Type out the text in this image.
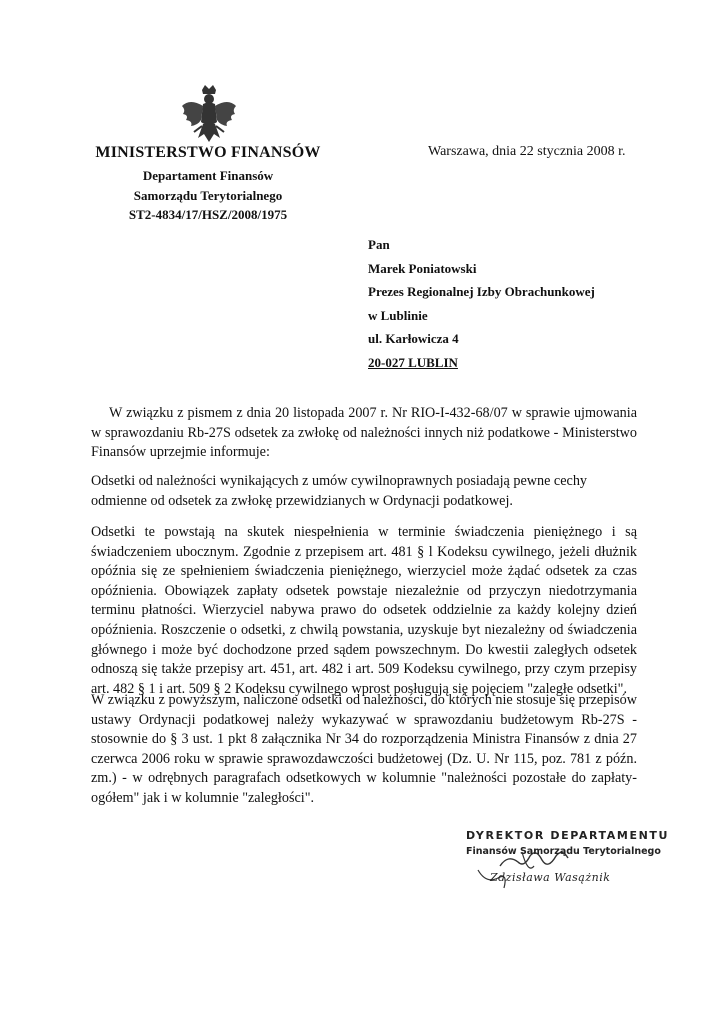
MINISTERSTWO FINANSÓW
Departament Finansów
Samorządu Terytorialnego
ST2-4834/17/HSZ/2008/1975
Warszawa, dnia 22 stycznia 2008 r.
Pan
Marek Poniatowski
Prezes Regionalnej Izby Obrachunkowej
w Lublinie
ul. Karłowicza 4
20-027 LUBLIN

W związku z pismem z dnia 20 listopada 2007 r. Nr RIO-I-432-68/07 w sprawie ujmowania w sprawozdaniu Rb-27S odsetek za zwłokę od należności innych niż podatkowe - Ministerstwo Finansów uprzejmie informuje:

Odsetki od należności wynikających z umów cywilnoprawnych posiadają pewne cechy odmienne od odsetek za zwłokę przewidzianych w Ordynacji podatkowej.

Odsetki te powstają na skutek niespełnienia w terminie świadczenia pieniężnego i są świadczeniem ubocznym. Zgodnie z przepisem art. 481 § l Kodeksu cywilnego, jeżeli dłużnik opóźnia się ze spełnieniem świadczenia pieniężnego, wierzyciel może żądać odsetek za czas opóźnienia. Obowiązek zapłaty odsetek powstaje niezależnie od przyczyn niedotrzymania terminu płatności. Wierzyciel nabywa prawo do odsetek oddzielnie za każdy kolejny dzień opóźnienia. Roszczenie o odsetki, z chwilą powstania, uzyskuje byt niezależny od świadczenia głównego i może być dochodzone przed sądem powszechnym. Do kwestii zaległych odsetek odnoszą się także przepisy art. 451, art. 482 i art. 509 Kodeksu cywilnego, przy czym przepisy art. 482 § 1 i art. 509 § 2 Kodeksu cywilnego wprost posługują się pojęciem "zaległe odsetki".

W związku z powyższym, naliczone odsetki od należności, do których nie stosuje się przepisów ustawy Ordynacji podatkowej należy wykazywać w sprawozdaniu budżetowym Rb-27S - stosownie do § 3 ust. 1 pkt 8 załącznika Nr 34 do rozporządzenia Ministra Finansów z dnia 27 czerwca 2006 roku w sprawie sprawozdawczości budżetowej (Dz. U. Nr 115, poz. 781 z późn. zm.) - w odrębnych paragrafach odsetkowych w kolumnie "należności pozostałe do zapłaty-ogółem" jak i w kolumnie "zaległości".

DYREKTOR DEPARTAMENTU
Finansów Samorządu Terytorialnego
Zdzisława Wasążnik
